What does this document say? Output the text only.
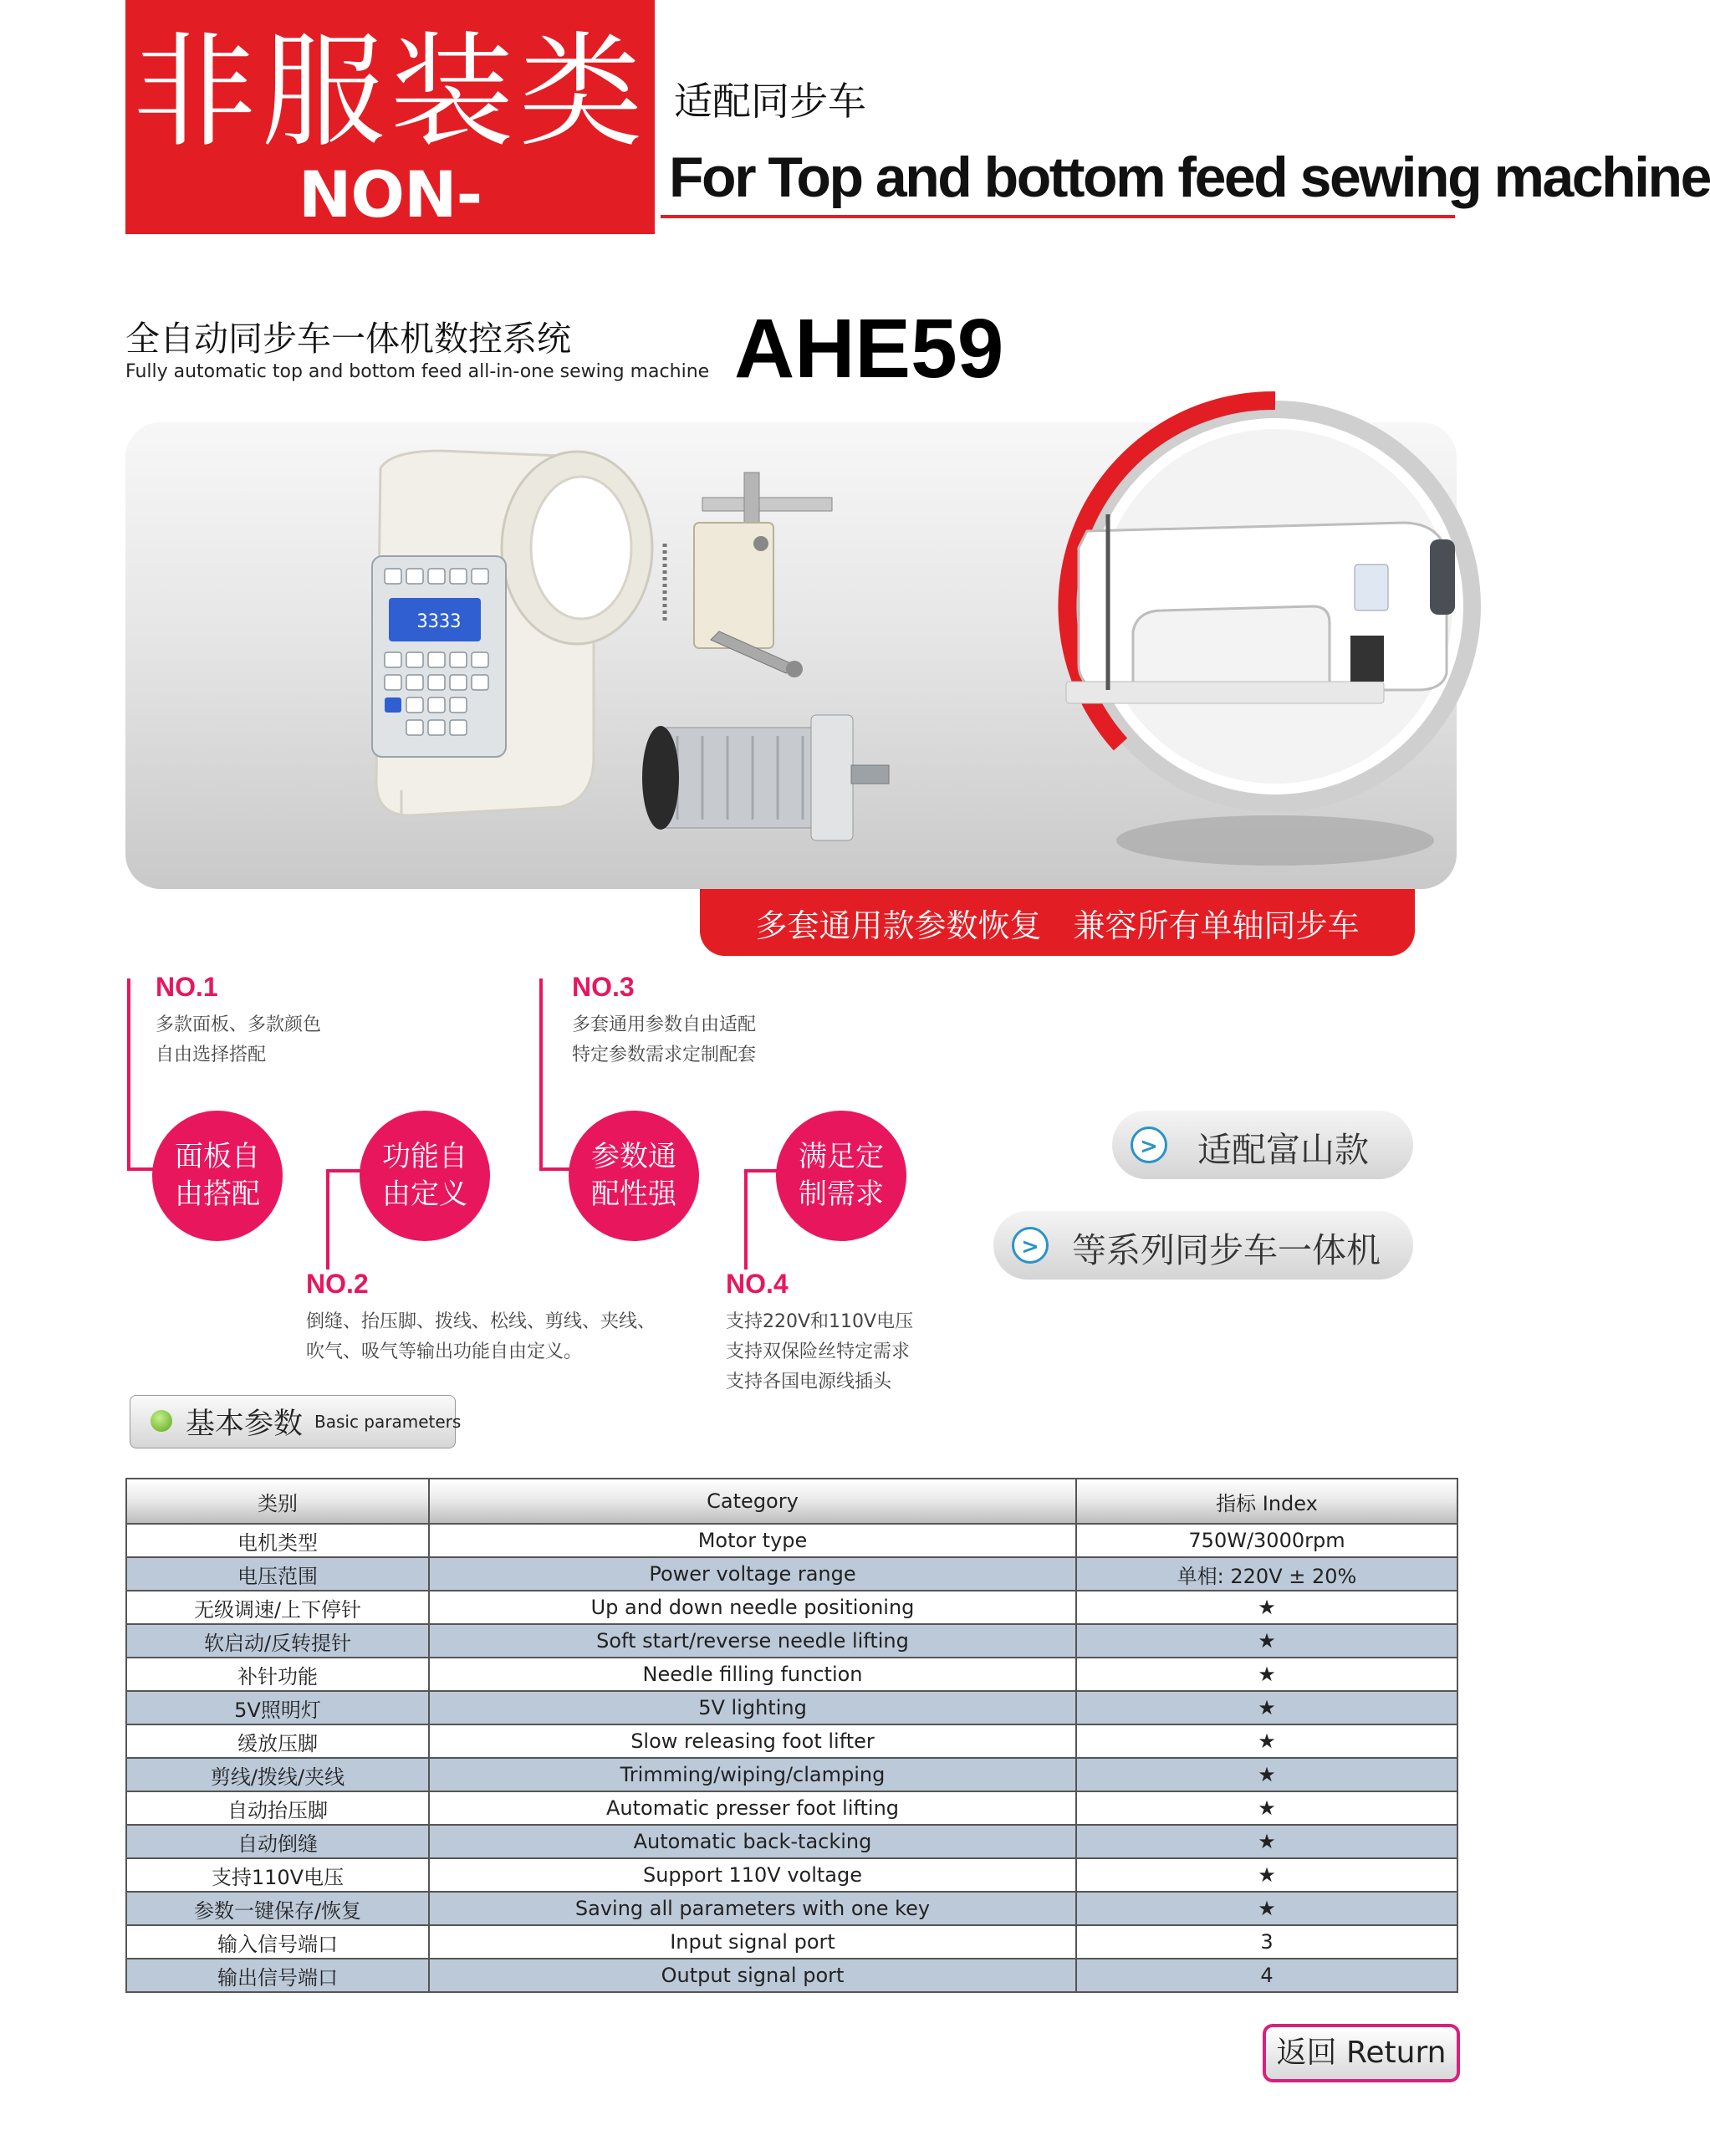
非服装类
NON-GARMENT
适配同步车
For Top and bottom feed sewing machine
全自动同步车一体机数控系统
Fully automatic top and bottom feed all-in-one sewing machine AHE59
3333
多套通用款参数恢复　兼容所有单轴同步车
NO.1
多款面板、多款颜色
自由选择搭配
面板自
由搭配
功能自
由定义
NO.2
倒缝、抬压脚、拨线、松线、剪线、夹线、
吹气、吸气等输出功能自由定义。
NO.3
多套通用参数自由适配
特定参数需求定制配套
参数通
配性强
满足定
制需求
NO.4
支持220V和110V电压
支持双保险丝特定需求
支持各国电源线插头
> 适配富山款
> 等系列同步车一体机
基本参数 Basic parameters
类别	Category	指标 Index
电机类型	Motor type	750W/3000rpm
电压范围	Power voltage range	单相: 220V ± 20%
无级调速/上下停针	Up and down needle positioning	★
软启动/反转提针	Soft start/reverse needle lifting	★
补针功能	Needle filling function	★
5V照明灯	5V lighting	★
缓放压脚	Slow releasing foot lifter	★
剪线/拨线/夹线	Trimming/wiping/clamping	★
自动抬压脚	Automatic presser foot lifting	★
自动倒缝	Automatic back-tacking	★
支持110V电压	Support 110V voltage	★
参数一键保存/恢复	Saving all parameters with one key	★
输入信号端口	Input signal port	3
输出信号端口	Output signal port	4
返回 Return
